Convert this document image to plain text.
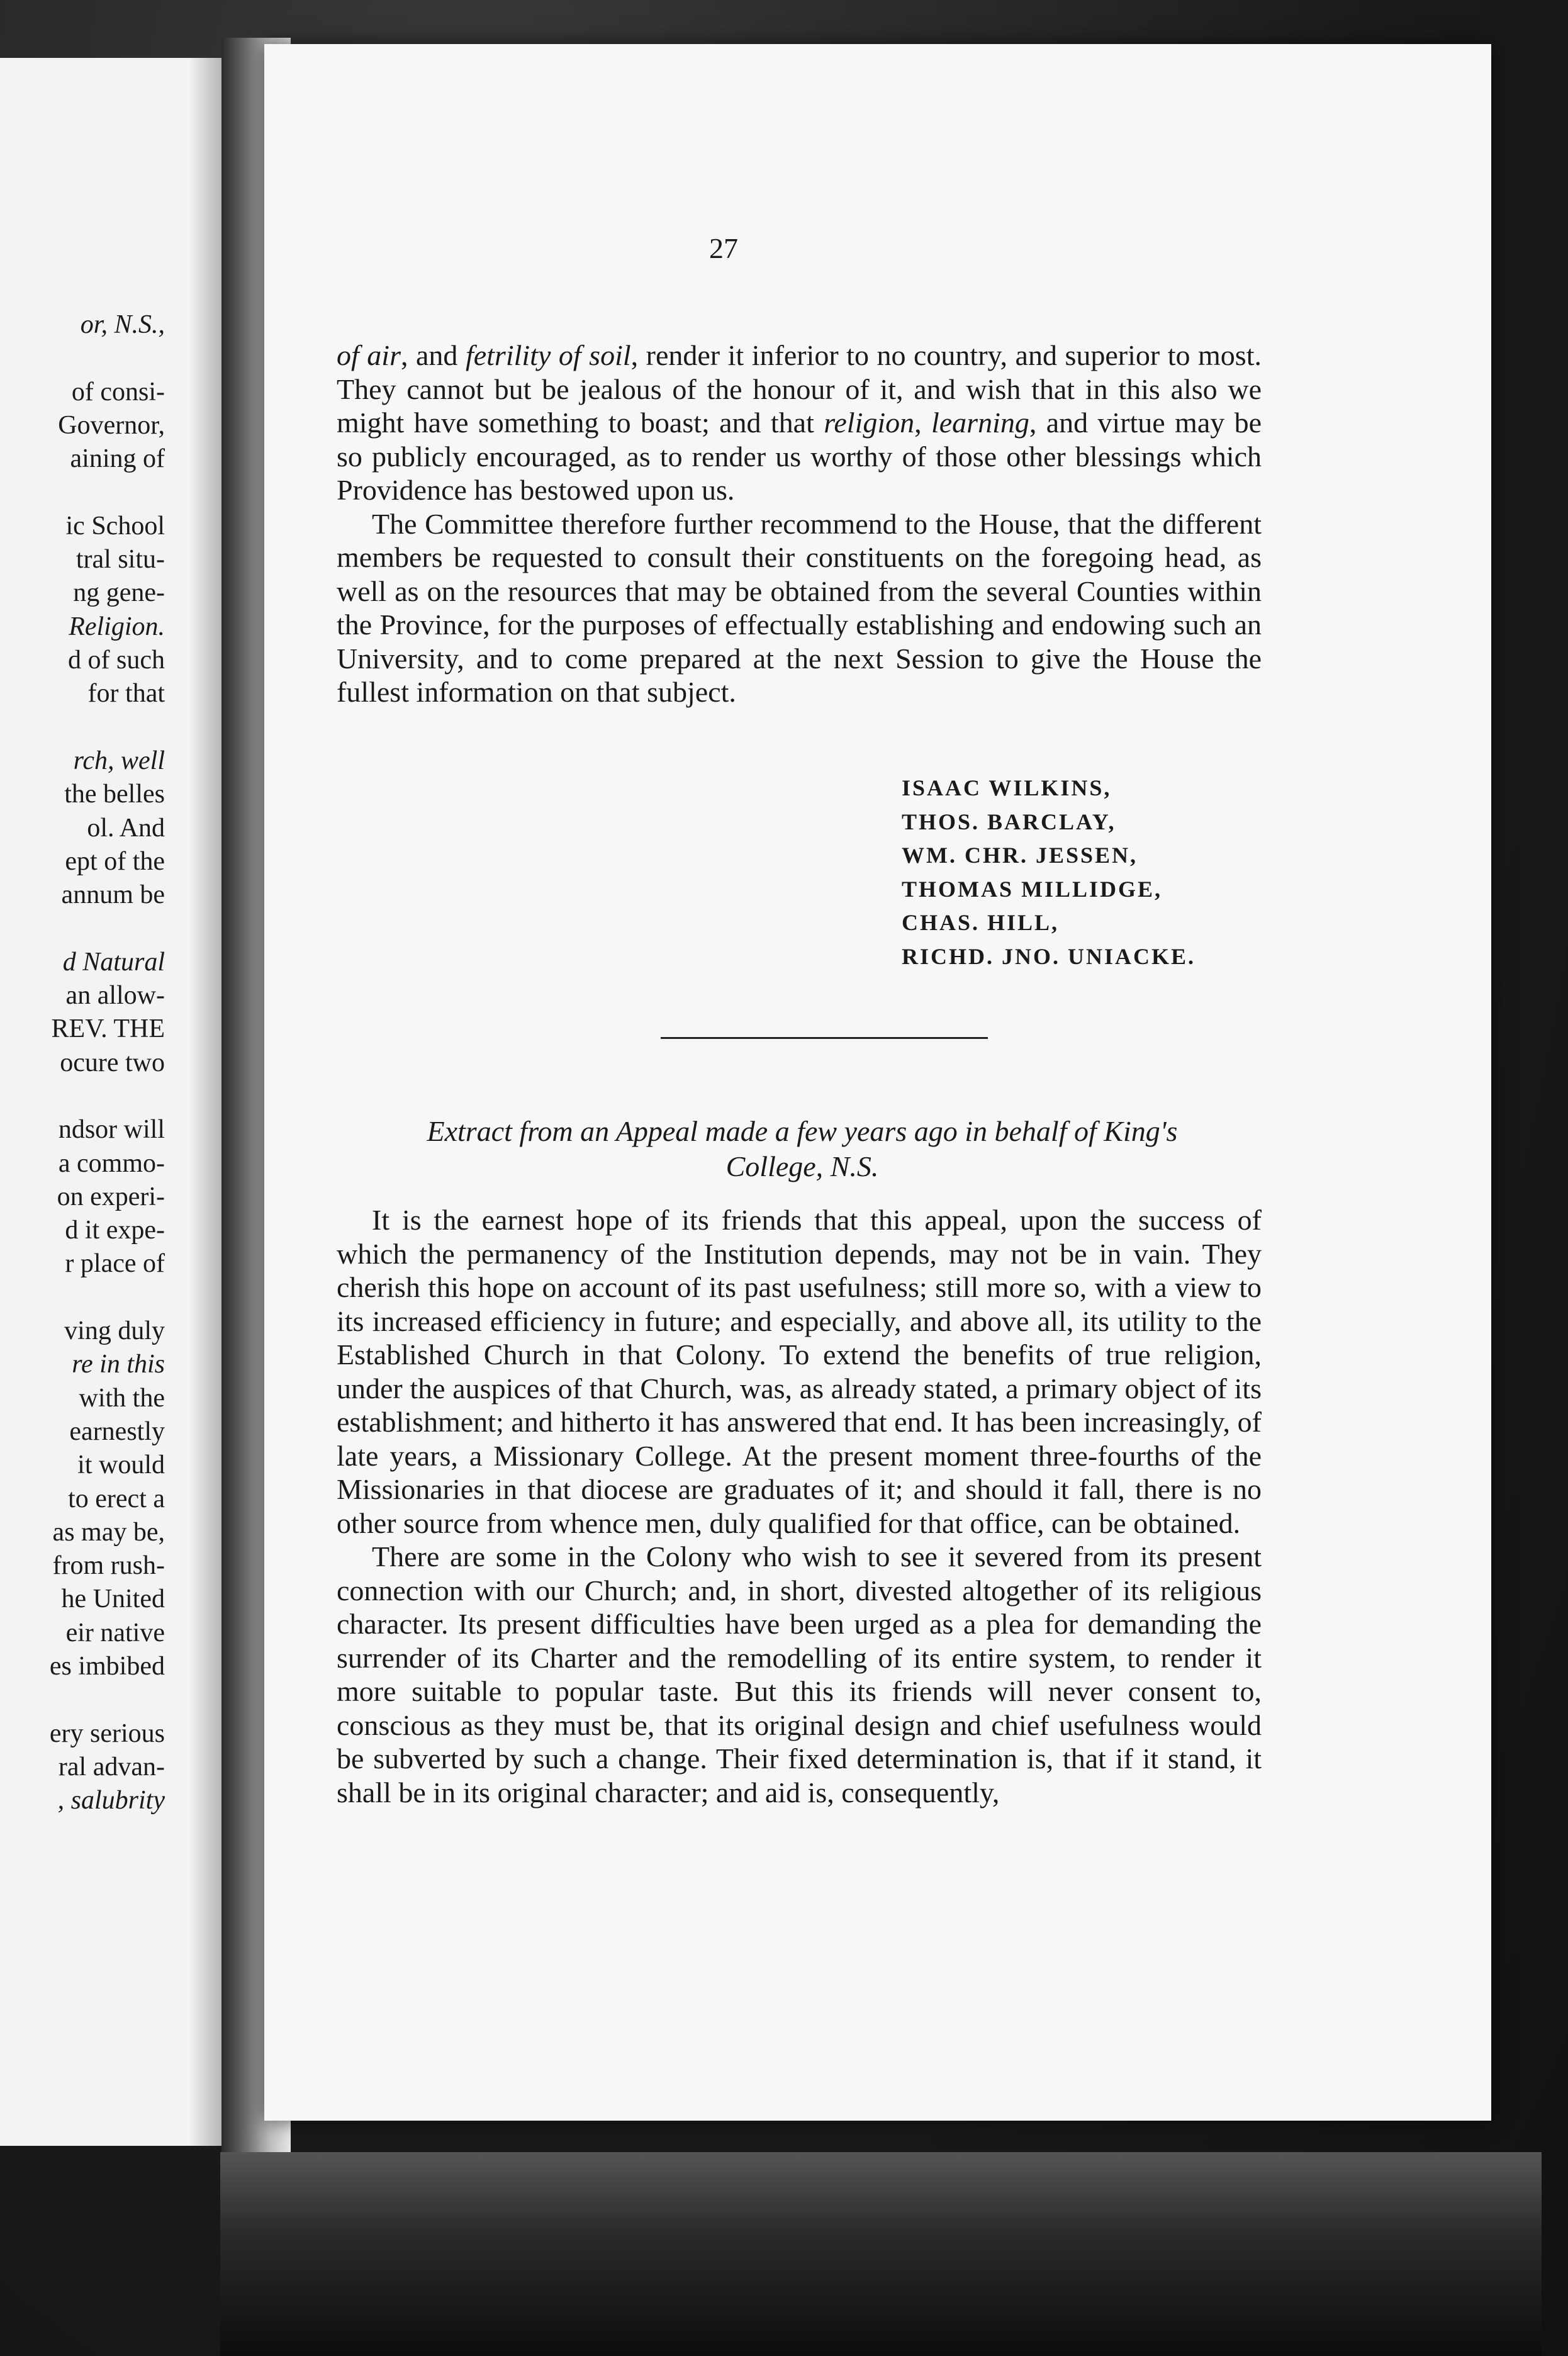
or, N.S.,
of consi-
Governor,
aining of
ic School
tral situ-
ng gene-
Religion.
d of such
for that
rch, well
the belles
ol. And
ept of the
annum be
d Natural
an allow-
REV. THE
ocure two
ndsor will
a commo-
on experi-
d it expe-
r place of
ving duly
re in this
with the
earnestly
it would
to erect a
as may be,
from rush-
he United
eir native
es imbibed
ery serious
ral advan-
, salubrity
27

of air, and fetrility of soil, render it inferior to no country, and superior to most. They cannot but be jealous of the honour of it, and wish that in this also we might have something to boast; and that religion, learning, and virtue may be so publicly encouraged, as to render us worthy of those other blessings which Providence has bestowed upon us.

The Committee therefore further recommend to the House, that the different members be requested to consult their constituents on the foregoing head, as well as on the resources that may be obtained from the several Counties within the Province, for the purposes of effectually establishing and endowing such an University, and to come prepared at the next Session to give the House the fullest information on that subject.

ISAAC WILKINS,
THOS. BARCLAY,
WM. CHR. JESSEN,
THOMAS MILLIDGE,
CHAS. HILL,
RICHD. JNO. UNIACKE.
Extract from an Appeal made a few years ago in behalf of King's
College, N.S.

It is the earnest hope of its friends that this appeal, upon the success of which the permanency of the Institution depends, may not be in vain. They cherish this hope on account of its past usefulness; still more so, with a view to its increased efficiency in future; and especially, and above all, its utility to the Established Church in that Colony. To extend the benefits of true religion, under the auspices of that Church, was, as already stated, a primary object of its establishment; and hitherto it has answered that end. It has been increasingly, of late years, a Missionary College. At the present moment three-fourths of the Missionaries in that diocese are graduates of it; and should it fall, there is no other source from whence men, duly qualified for that office, can be obtained.

There are some in the Colony who wish to see it severed from its present connection with our Church; and, in short, divested altogether of its religious character. Its present difficulties have been urged as a plea for demanding the surrender of its Charter and the remodelling of its entire system, to render it more suitable to popular taste. But this its friends will never consent to, conscious as they must be, that its original design and chief usefulness would be subverted by such a change. Their fixed determination is, that if it stand, it shall be in its original character; and aid is, consequently,
